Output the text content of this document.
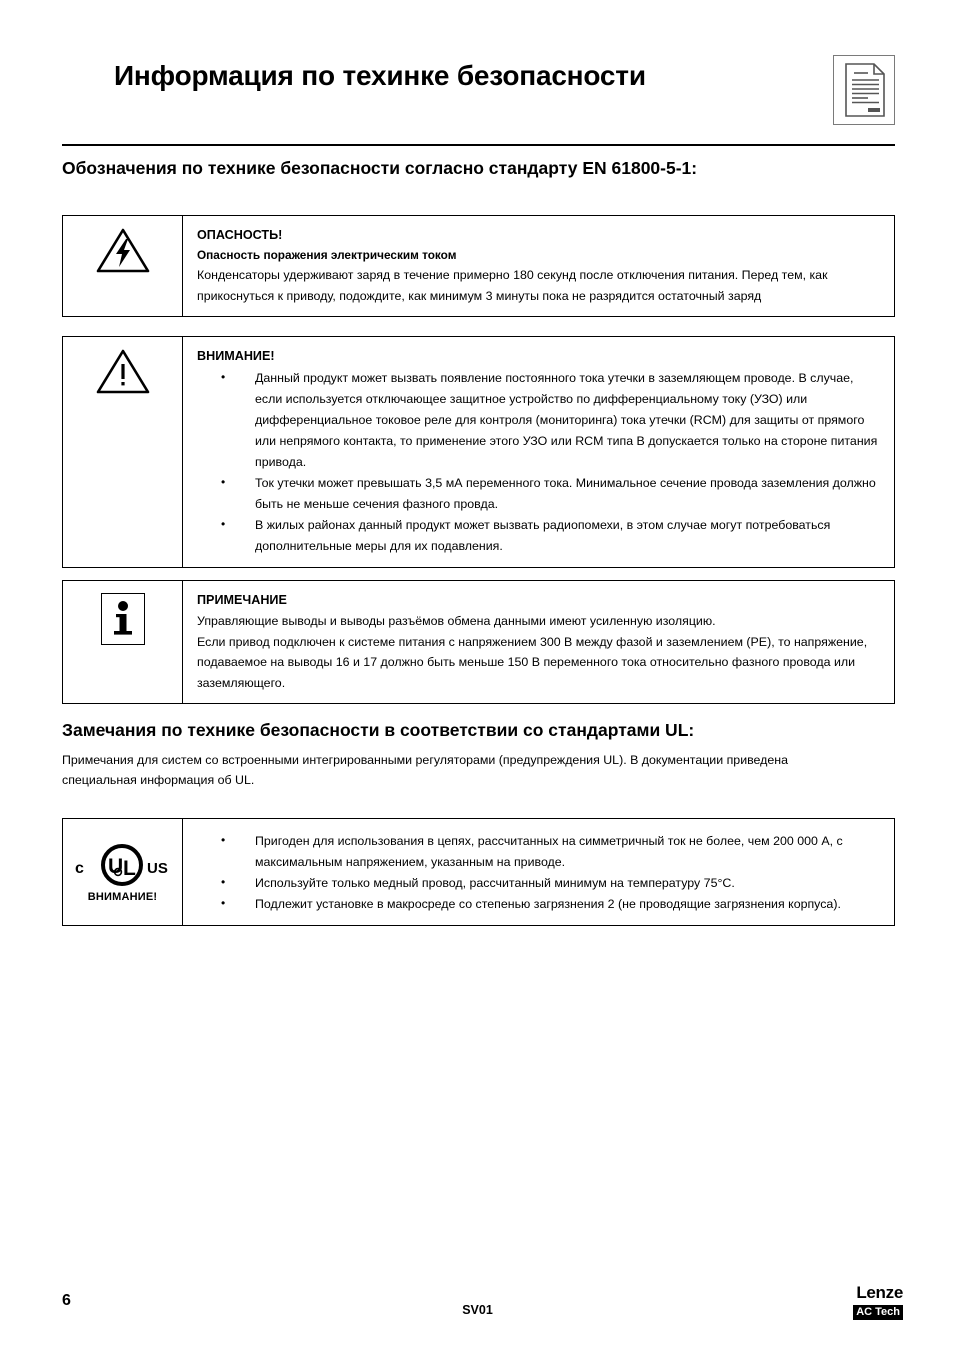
Информация по техинке безопасности
Обозначения по технике безопасности согласно стандарту EN 61800-5-1:
ОПАСНОСТЬ!
Опасность поражения электрическим током
Конденсаторы удерживают заряд в течение примерно 180 секунд после отключения питания. Перед тем, как прикоснуться к приводу, подождите, как минимум 3 минуты пока не разрядится остаточный заряд
ВНИМАНИЕ!
• Данный продукт может вызвать появление постоянного тока утечки в заземляющем проводе. В случае, если используется отключающее защитное устройство по дифференциальному току (УЗО) или дифференциальное токовое реле для контроля (мониторинга) тока утечки (RCM) для защиты от прямого или непрямого контакта, то применение этого УЗО или RCM типа В допускается только на стороне питания привода.
• Ток утечки может превышать 3,5 мА переменного тока. Минимальное сечение провода заземления должно быть не меньше сечения фазного провда.
• В жилых районах данный продукт может вызвать радиопомехи, в этом случае могут потребоваться дополнительные меры для их подавления.
ПРИМЕЧАНИЕ
Управляющие выводы и выводы разъёмов обмена данными имеют усиленную изоляцию.
Если привод подключен к системе питания с напряжением 300 В между фазой и заземлением (PE), то напряжение, подаваемое на выводы 16 и 17 должно быть меньше 150 В переменного тока относительно фазного провода или заземляющего.
Замечания по технике безопасности в соответствии со стандартами UL:
Примечания для систем со встроенными интегрированными регуляторами (предупреждения UL). В документации приведена специальная информация об UL.
c U L US
ВНИМАНИЕ!
• Пригоден для использования в цепях, рассчитанных на симметричный ток не более, чем 200 000 А, с максимальным напряжением, указанным на приводе.
• Используйте только медный провод, рассчитанный минимум на температуру 75°C.
• Подлежит установке в макросреде со степенью загрязнения 2 (не проводящие загрязнения корпуса).
6
SV01
Lenze
AC Tech
